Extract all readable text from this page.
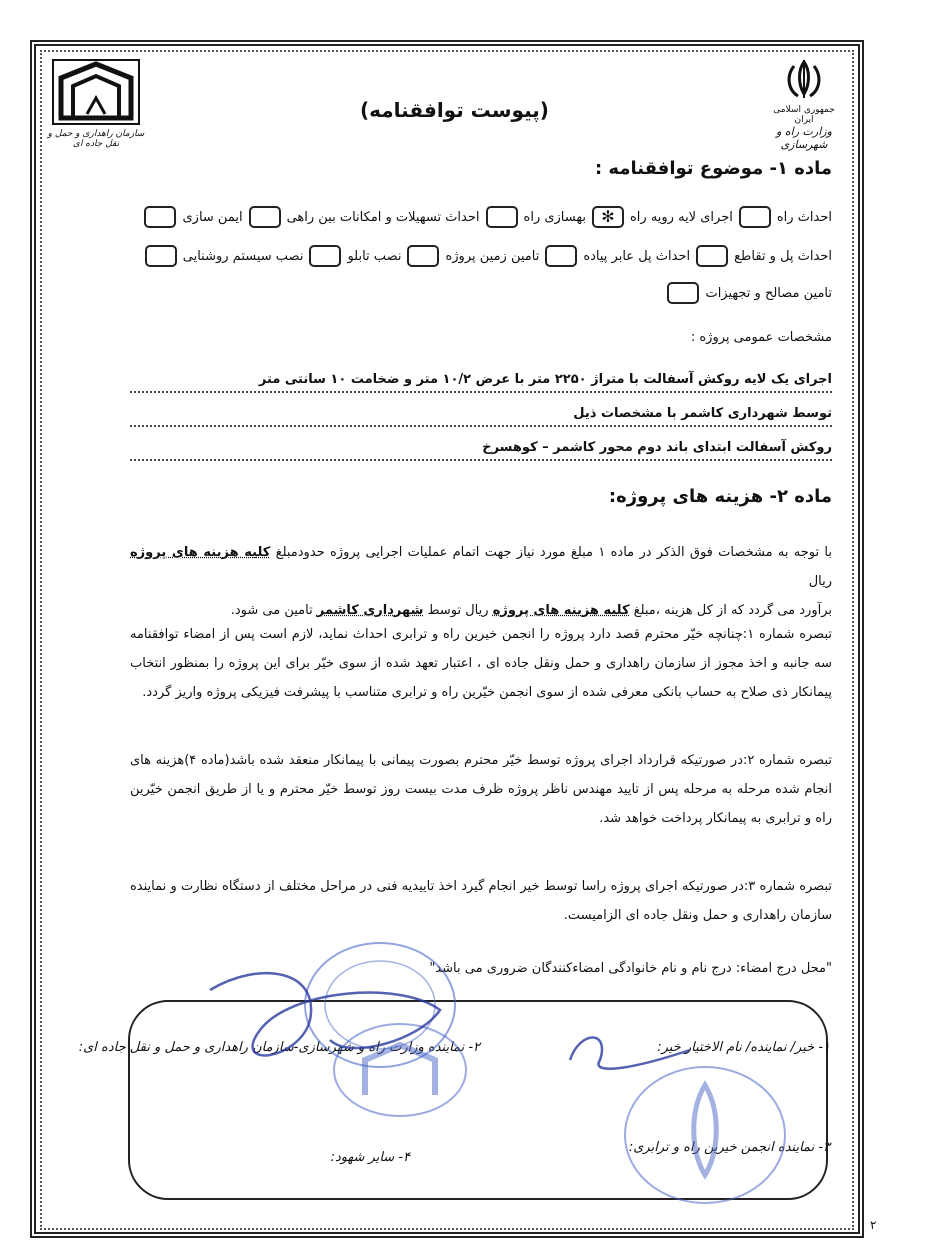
جمهوری اسلامی ایران
وزارت راه و شهرسازی
سازمان راهداری و حمل و نقل جاده ای
(پیوست توافقنامه)
ماده ۱- موضوع توافقنامه :
احداث راه
اجرای لایه رویه راه
✻
بهسازی راه
احداث تسهیلات و امکانات بین راهی
ایمن سازی
احداث پل و تقاطع
احداث پل عابر پیاده
تامین زمین پروژه
نصب تابلو
نصب سیستم روشنایی
تامین مصالح و تجهیزات
مشخصات عمومی پروژه :
اجرای یک لایه روکش آسفالت با متراژ ۲۲۵۰ متر با عرض ۱۰/۲ متر و ضخامت ۱۰ سانتی متر
توسط شهرداری کاشمر با مشخصات ذیل
روکش آسفالت ابتدای باند دوم محور کاشمر – کوهسرخ
ماده ۲- هزینه های پروژه:
با توجه به مشخصات فوق الذکر در ماده ۱ مبلغ مورد نیاز جهت اتمام عملیات اجرایی پروژه حدودمبلغ کلیه هزینه های پروژه ریال
برآورد می گردد که از کل هزینه ،مبلغ کلیه هزینه های پروژه ریال توسط شهرداری کاشمر تامین می شود.
تبصره شماره ۱:چنانچه خیّر محترم قصد دارد پروژه را انجمن خیرین راه و ترابری احداث نماید، لازم است پس از امضاء توافقنامه سه جانبه و اخذ مجوز از سازمان راهداری و حمل ونقل جاده ای ، اعتبار تعهد شده از سوی خیّر برای این پروژه را بمنظور انتخاب پیمانکار ذی صلاح به حساب بانکی معرفی شده از سوی انجمن خیّرین راه و ترابری متناسب با پیشرفت فیزیکی پروژه واریز گردد.
تبصره شماره ۲:در صورتیکه قرارداد اجرای پروژه توسط خیّر محترم بصورت پیمانی با پیمانکار منعقد شده باشد(ماده ۴)هزینه های انجام شده مرحله به مرحله پس از تایید مهندس ناظر پروژه ظرف مدت بیست روز توسط خیّر محترم و یا از طریق انجمن خیّرین راه و ترابری به پیمانکار پرداخت خواهد شد.
تبصره شماره ۳:در صورتیکه اجرای پروژه راسا توسط خیر انجام گیرد اخذ تاییدیه فنی در مراحل مختلف از دستگاه نظارت و نماینده سازمان راهداری و حمل ونقل جاده ای الزامیست.
"محل درج امضاء: درج نام و نام خانوادگی امضاءکنندگان ضروری می باشد"
۱- خیر/ نماینده/ نام الاختیار خیر:
۲- نماینده وزارت راه و شهرسازی-سازمان راهداری و حمل و نقل جاده ای:
۳- نماینده انجمن خیرین راه و ترابری:
۴- سایر شهود:
۲
